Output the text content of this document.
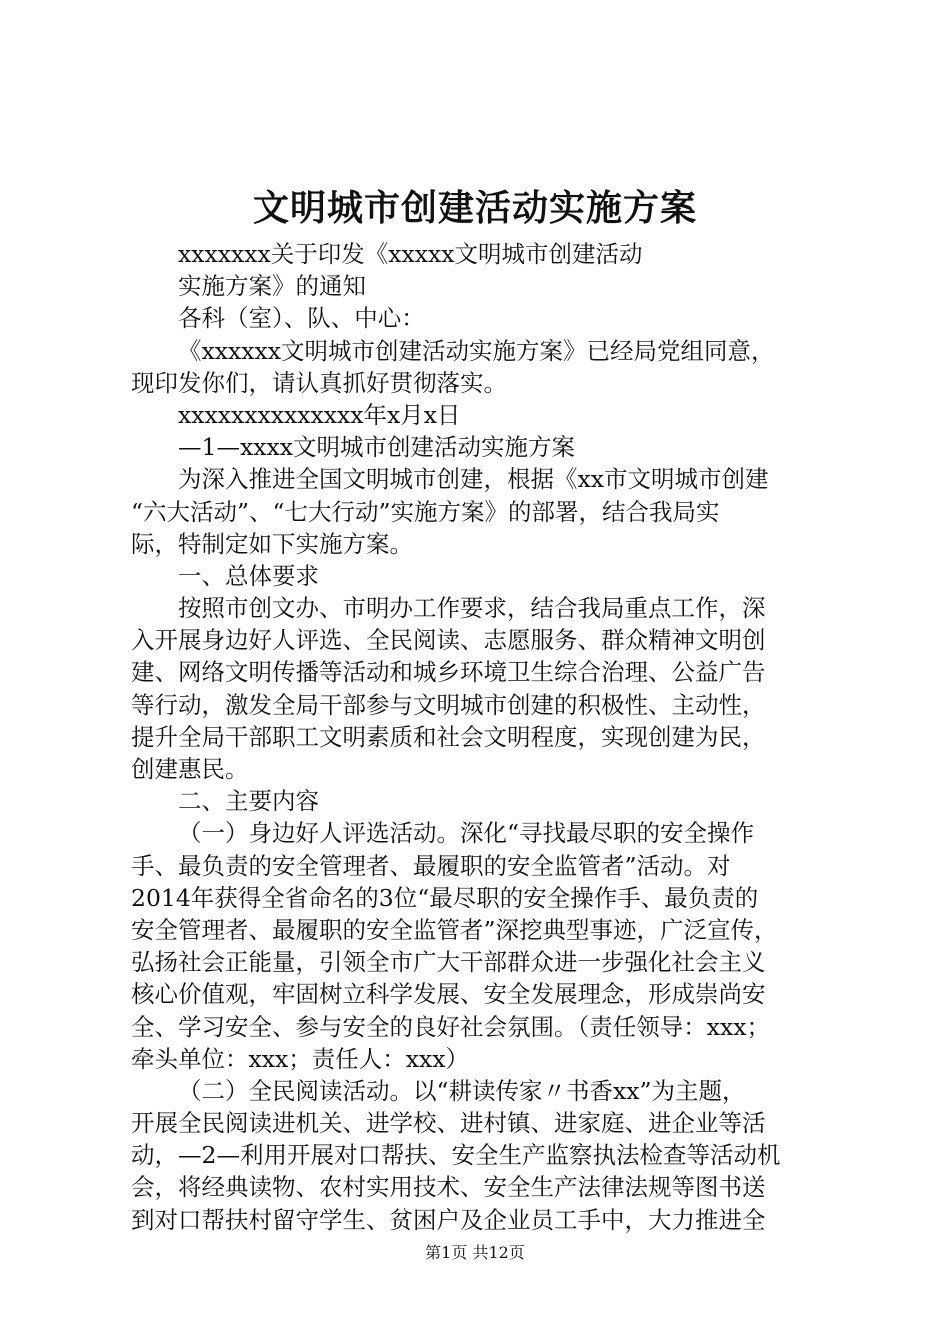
文明城市创建活动实施方案
xxxxxxx关于印发《xxxxx文明城市创建活动
实施方案》的通知
各科（室）、队、中心：
《xxxxxx文明城市创建活动实施方案》已经局党组同意，
现印发你们，请认真抓好贯彻落实。
xxxxxxxxxxxxxx年x月x日
—1—xxxx文明城市创建活动实施方案
为深入推进全国文明城市创建，根据《xx市文明城市创建
“六大活动”、“七大行动”实施方案》的部署，结合我局实
际，特制定如下实施方案。
一、总体要求
按照市创文办、市明办工作要求，结合我局重点工作，深
入开展身边好人评选、全民阅读、志愿服务、群众精神文明创
建、网络文明传播等活动和城乡环境卫生综合治理、公益广告
等行动，激发全局干部参与文明城市创建的积极性、主动性，
提升全局干部职工文明素质和社会文明程度，实现创建为民，
创建惠民。
二、主要内容
（一）身边好人评选活动。深化“寻找最尽职的安全操作
手、最负责的安全管理者、最履职的安全监管者”活动。对
2014年获得全省命名的3位“最尽职的安全操作手、最负责的
安全管理者、最履职的安全监管者”深挖典型事迹，广泛宣传，
弘扬社会正能量，引领全市广大干部群众进一步强化社会主义
核心价值观，牢固树立科学发展、安全发展理念，形成崇尚安
全、学习安全、参与安全的良好社会氛围。（责任领导：xxx；
牵头单位：xxx；责任人：xxx）
（二）全民阅读活动。以“耕读传家〃书香xx”为主题，
开展全民阅读进机关、进学校、进村镇、进家庭、进企业等活
动，—2—利用开展对口帮扶、安全生产监察执法检查等活动机
会，将经典读物、农村实用技术、安全生产法律法规等图书送
到对口帮扶村留守学生、贫困户及企业员工手中，大力推进全
第1页 共12页
